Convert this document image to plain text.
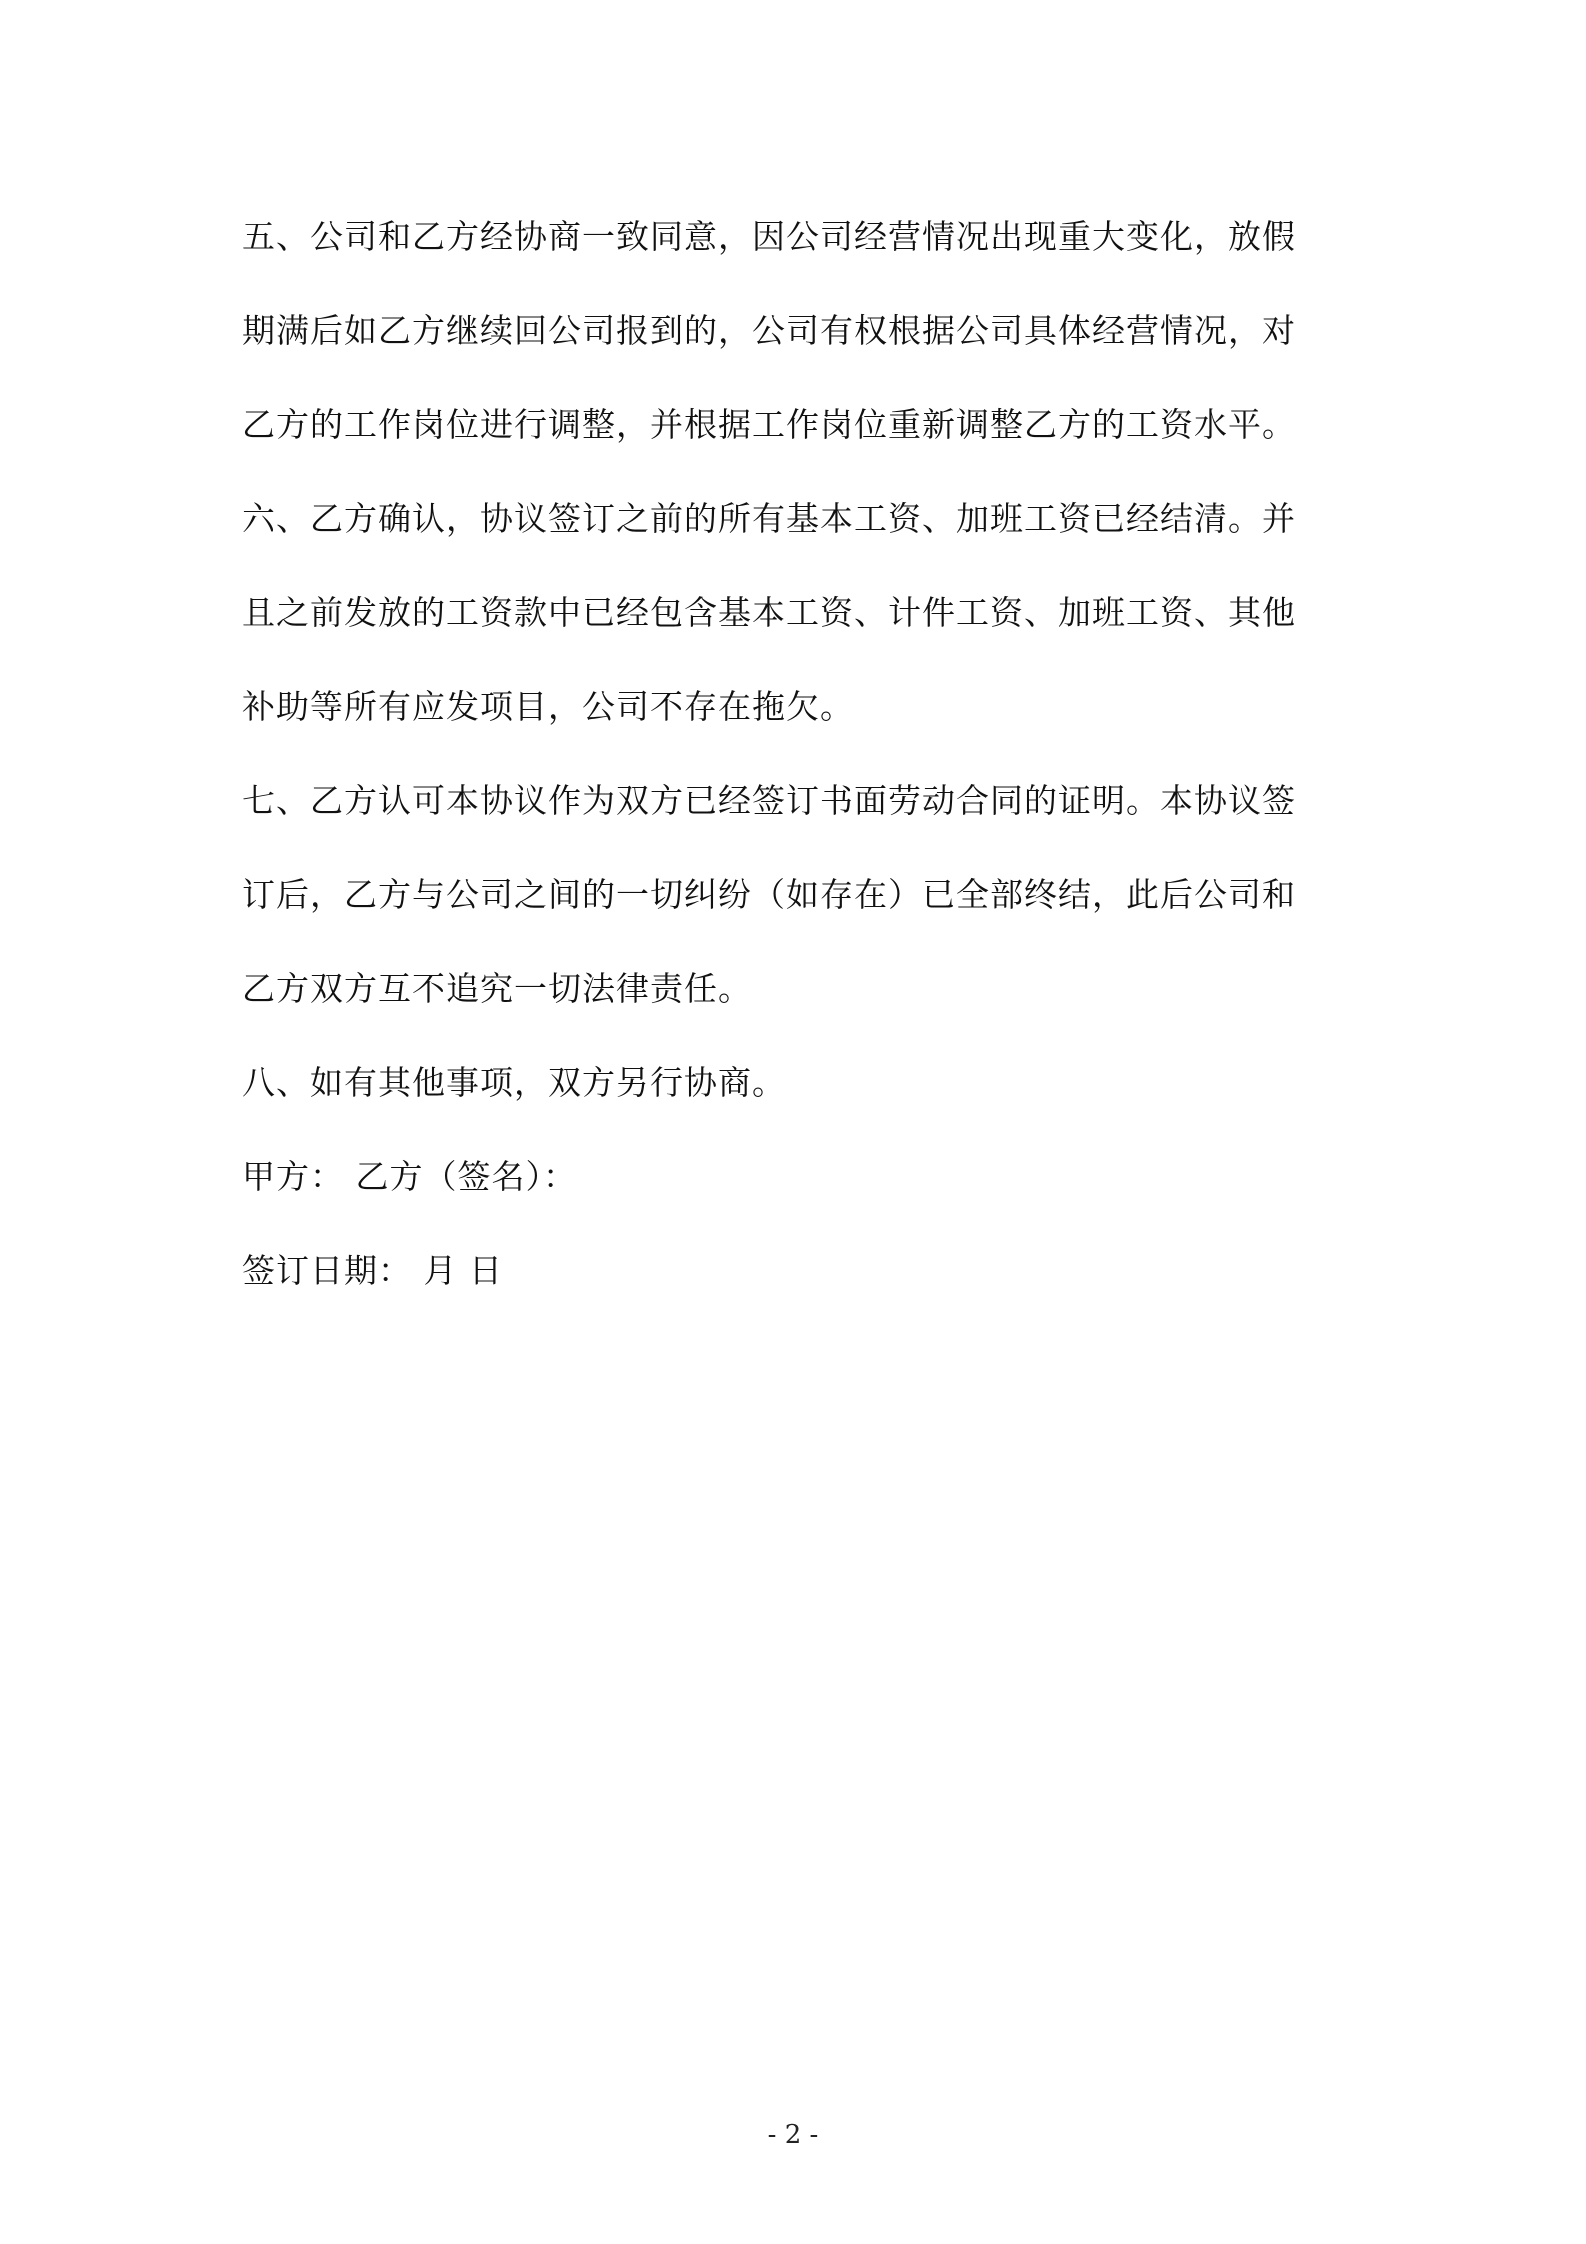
五、公司和乙方经协商一致同意，因公司经营情况出现重大变化，放假
期满后如乙方继续回公司报到的，公司有权根据公司具体经营情况，对
乙方的工作岗位进行调整，并根据工作岗位重新调整乙方的工资水平。

六、乙方确认，协议签订之前的所有基本工资、加班工资已经结清。并
且之前发放的工资款中已经包含基本工资、计件工资、加班工资、其他
补助等所有应发项目，公司不存在拖欠。

七、乙方认可本协议作为双方已经签订书面劳动合同的证明。本协议签
订后，乙方与公司之间的一切纠纷（如存在）已全部终结，此后公司和
乙方双方互不追究一切法律责任。

八、如有其他事项，双方另行协商。

甲方： 乙方（签名）：

签订日期： 月 日

- 2 -
